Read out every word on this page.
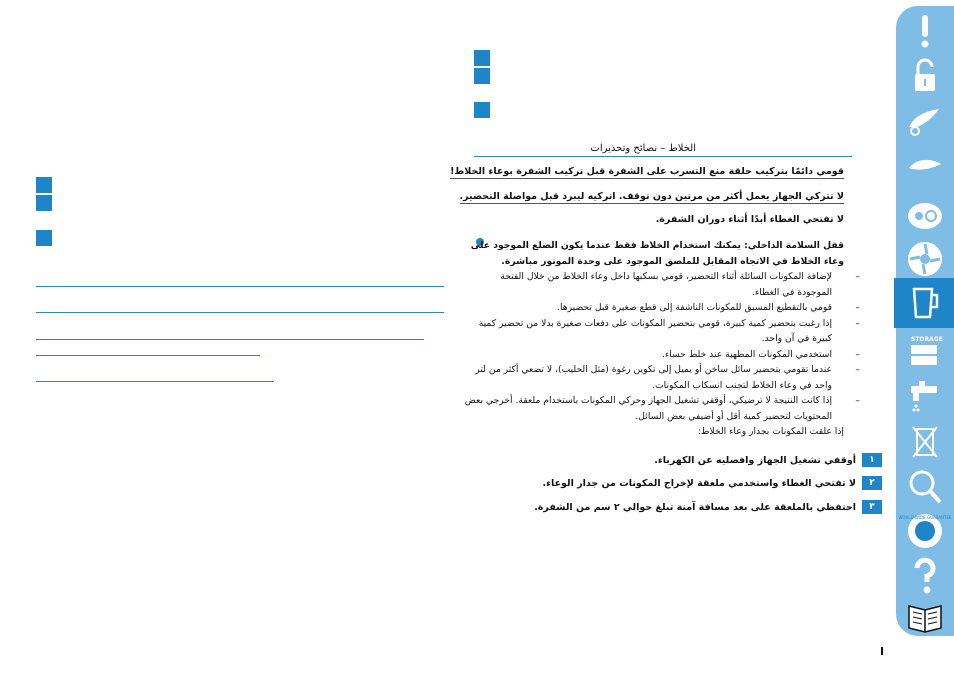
الخلاط – نصائح وتحذيرات
قومي دائمًا بتركيب حلقة منع التسرب على الشفرة قبل تركيب الشفرة بوعاء الخلاط!
لا تتركي الجهاز يعمل أكثر من مرتين دون توقف. اتركيه ليبرد قبل مواصلة التحضير.
لا تفتحي الغطاء أبدًا أثناء دوران الشفرة.

قفل السلامة الداخلي: يمكنك استخدام الخلاط فقط عندما يكون الضلع الموجود على وعاء الخلاط في الاتجاه المقابل للملصق الموجود على وحدة الموتور مباشرة.

– لإضافة المكونات السائلة أثناء التحضير، قومي بسكبها داخل وعاء الخلاط من خلال الفتحة الموجودة في الغطاء.

– قومي بالتقطيع المسبق للمكونات الناشفة إلى قطع صغيرة قبل تحضيرها.

– إذا رغبت بتحضير كمية كبيرة، قومي بتحضير المكونات على دفعات صغيرة بدلا من تحضير كمية كبيرة في آن واحد.

– استخدمي المكونات المطهية عند خلط حساء.

– عندما تقومي بتحضير سائل ساخن أو يميل إلى تكوين رغوة (مثل الحليب)، لا تضعي أكثر من لتر واحد في وعاء الخلاط لتجنب انسكاب المكونات.

– إذا كانت النتيجة لا ترضيكي، أوقفي تشغيل الجهاز وحركي المكونات باستخدام ملعقة. أخرجي بعض المحتويات لتحضير كمية أقل أو أضيفي بعض السائل.

إذا علقت المكونات بجدار وعاء الخلاط:

١
أوقفي تشغيل الجهاز وافصليه عن الكهرباء.
٢
لا تفتحي الغطاء واستخدمي ملعقة لإخراج المكونات من جدار الوعاء.
٣
احتفظي بالملعقة على بعد مسافة آمنة تبلغ حوالي ٢ سم من الشفرة.
STORAGE
WORLD-WIDE GUARANTEE
I
